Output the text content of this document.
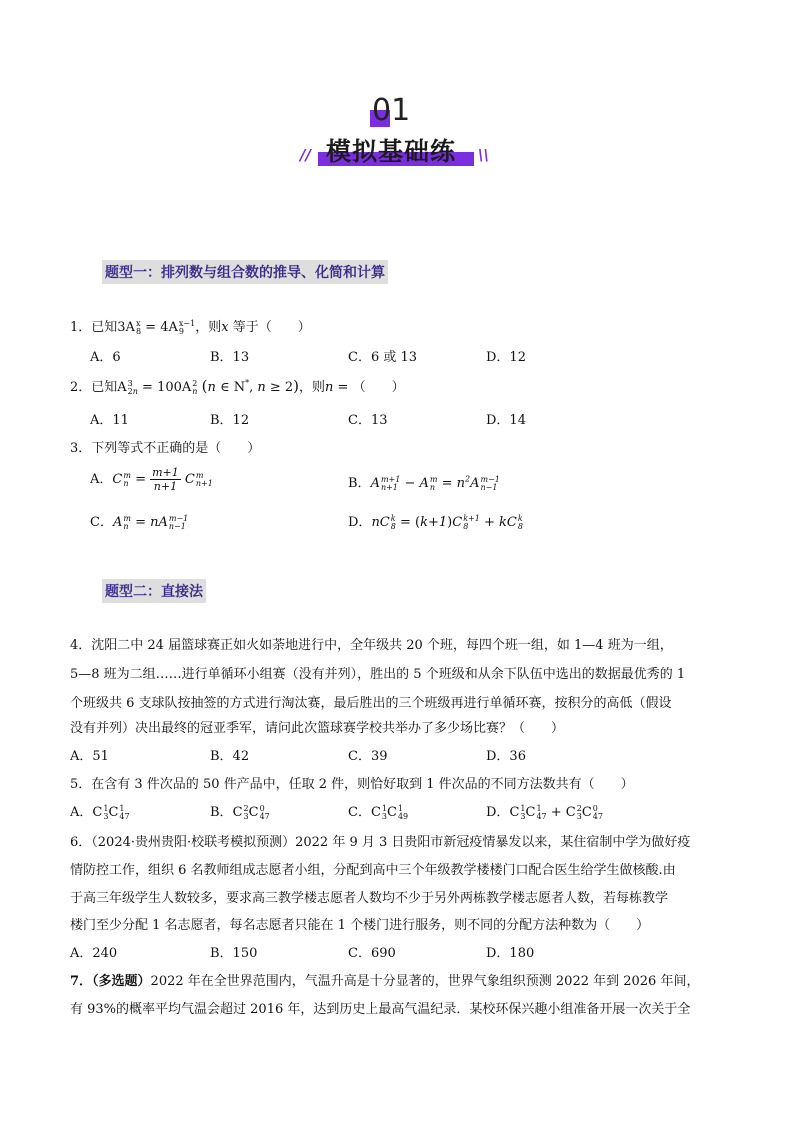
01
模拟基础练
//	\\
题型一：排列数与组合数的推导、化简和计算
1．已知3Ax
8 = 4Ax−1
9 ，则x 等于（　　）
A．6	B．13	C．6 或 13	D．12
2．已知A3
2n = 100A2
n (n ∈ N*, n ≥ 2)，则n = （　　）
A．11	B．12	C．13	D．14
3．下列等式不正确的是（　　）
A．Cm
$n = \frac{m+1}{n+1}$ Cm
n+1	B．Am+1
n+1 − Am
$n = n^2Am-1$
n−1
C．Am
n = nAm−1
n−1	D．nCk
8 = (k+1)Ck+1
8 + kCk
8
题型二：直接法
4．沈阳二中 24 届篮球赛正如火如荼地进行中，全年级共 20 个班，每四个班一组，如 1—4 班为一组，
5—8 班为二组……进行单循环小组赛（没有并列），胜出的 5 个班级和从余下队伍中选出的数据最优秀的 1
个班级共 6 支球队按抽签的方式进行淘汰赛，最后胜出的三个班级再进行单循环赛，按积分的高低（假设
没有并列）决出最终的冠亚季军，请问此次篮球赛学校共举办了多少场比赛？（　　）
A．51	B．42	C．39	D．36
5．在含有 3 件次品的 50 件产品中，任取 2 件，则恰好取到 1 件次品的不同方法数共有（　　）
A．C1
3C1
47	B．C2
3C0
47	C．C1
3C1
49	D．C1
3C1
47 + C2
3C0
47
6．（2024·贵州贵阳·校联考模拟预测）2022 年 9 月 3 日贵阳市新冠疫情暴发以来，某住宿制中学为做好疫
情防控工作，组织 6 名教师组成志愿者小组，分配到高中三个年级教学楼楼门口配合医生给学生做核酸.由
于高三年级学生人数较多，要求高三教学楼志愿者人数均不少于另外两栋教学楼志愿者人数，若每栋教学
楼门至少分配 1 名志愿者，每名志愿者只能在 1 个楼门进行服务，则不同的分配方法种数为（　　）
A．240	B．150	C．690	D．180
7．（多选题）2022 年在全世界范围内，气温升高是十分显著的，世界气象组织预测 2022 年到 2026 年间，
有 93%的概率平均气温会超过 2016 年，达到历史上最高气温纪录．某校环保兴趣小组准备开展一次关于全
